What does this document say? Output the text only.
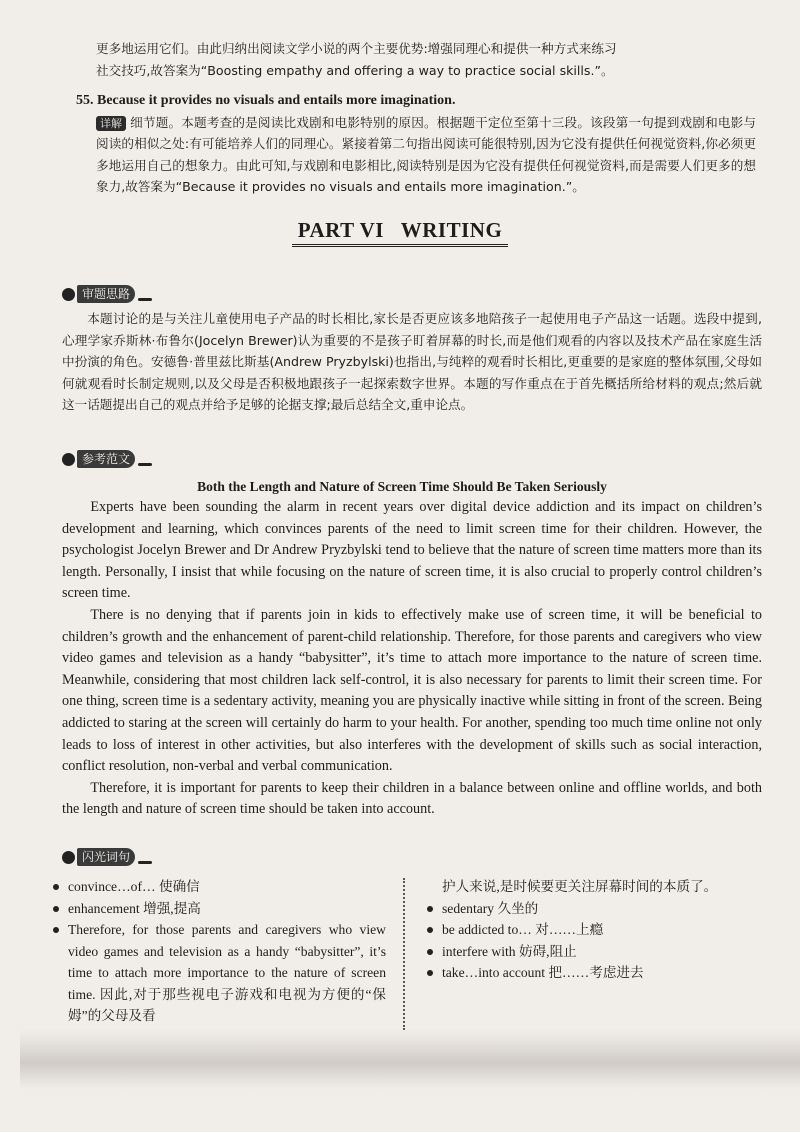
更多地运用它们。由此归纳出阅读文学小说的两个主要优势:增强同理心和提供一种方式来练习

社交技巧,故答案为“Boosting empathy and offering a way to practice social skills.”。

55. Because it provides no visuals and entails more imagination.

详解 细节题。本题考查的是阅读比戏剧和电影特别的原因。根据题干定位至第十三段。该段第一句提到戏剧和电影与阅读的相似之处:有可能培养人们的同理心。紧接着第二句指出阅读可能很特别,因为它没有提供任何视觉资料,你必须更多地运用自己的想象力。由此可知,与戏剧和电影相比,阅读特别是因为它没有提供任何视觉资料,而是需要人们更多的想象力,故答案为“Because it provides no visuals and entails more imagination.”。

PART VI   WRITING
审题思路
本题讨论的是与关注儿童使用电子产品的时长相比,家长是否更应该多地陪孩子一起使用电子产品这一话题。选段中提到,心理学家乔斯林·布鲁尔(Jocelyn Brewer)认为重要的不是孩子盯着屏幕的时长,而是他们观看的内容以及技术产品在家庭生活中扮演的角色。安德鲁·普里兹比斯基(Andrew Pryzbylski)也指出,与纯粹的观看时长相比,更重要的是家庭的整体氛围,父母如何就观看时长制定规则,以及父母是否积极地跟孩子一起探索数字世界。本题的写作重点在于首先概括所给材料的观点;然后就这一话题提出自己的观点并给予足够的论据支撑;最后总结全文,重申论点。
参考范文
Both the Length and Nature of Screen Time Should Be Taken Seriously

Experts have been sounding the alarm in recent years over digital device addiction and its impact on children’s development and learning, which convinces parents of the need to limit screen time for their children. However, the psychologist Jocelyn Brewer and Dr Andrew Pryzbylski tend to believe that the nature of screen time matters more than its length. Personally, I insist that while focusing on the nature of screen time, it is also crucial to properly control children’s screen time.

There is no denying that if parents join in kids to effectively make use of screen time, it will be beneficial to children’s growth and the enhancement of parent-child relationship. Therefore, for those parents and caregivers who view video games and television as a handy “babysitter”, it’s time to attach more importance to the nature of screen time. Meanwhile, considering that most children lack self-control, it is also necessary for parents to limit their screen time. For one thing, screen time is a sedentary activity, meaning you are physically inactive while sitting in front of the screen. Being addicted to staring at the screen will certainly do harm to your health. For another, spending too much time online not only leads to loss of interest in other activities, but also interferes with the development of skills such as social interaction, conflict resolution, non-verbal and verbal communication.

Therefore, it is important for parents to keep their children in a balance between online and offline worlds, and both the length and nature of screen time should be taken into account.

闪光词句
convince…of… 使确信
enhancement 增强,提高
Therefore, for those parents and caregivers who view video games and television as a handy “babysitter”, it’s time to attach more importance to the nature of screen time. 因此,对于那些视电子游戏和电视为方便的“保姆”的父母及看
护人来说,是时候要更关注屏幕时间的本质了。
sedentary 久坐的
be addicted to… 对……上瘾
interfere with 妨碍,阻止
take…into account 把……考虑进去
